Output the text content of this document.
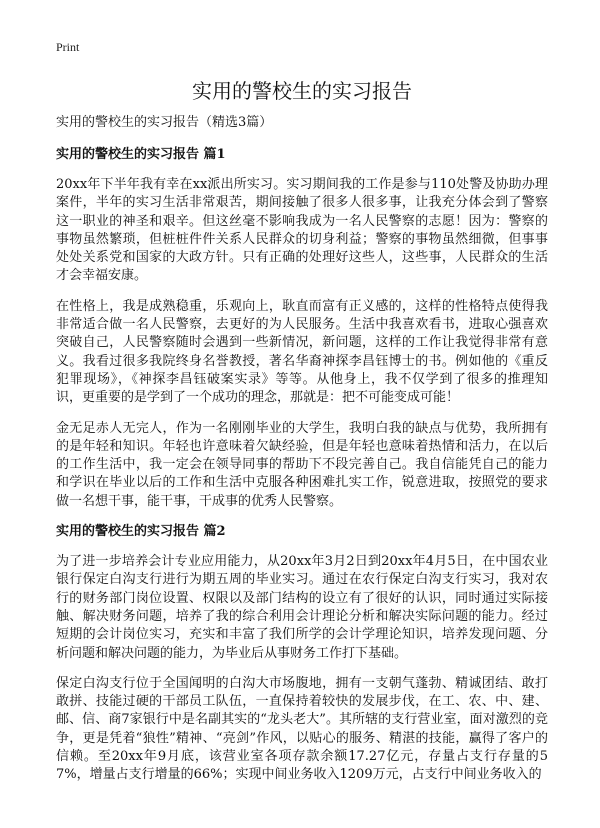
Print
实用的警校生的实习报告
实用的警校生的实习报告（精选3篇）
实用的警校生的实习报告 篇1

20xx年下半年我有幸在xx派出所实习。实习期间我的工作是参与110处警及协助办理案件，半年的实习生活非常艰苦，期间接触了很多人很多事，让我充分体会到了警察这一职业的神圣和艰辛。但这丝毫不影响我成为一名人民警察的志愿！因为：警察的事物虽然繁琐，但桩桩件件关系人民群众的切身利益；警察的事物虽然细微，但事事处处关系党和国家的大政方针。只有正确的处理好这些人，这些事，人民群众的生活才会幸福安康。

在性格上，我是成熟稳重，乐观向上，耿直而富有正义感的，这样的性格特点使得我非常适合做一名人民警察，去更好的为人民服务。生活中我喜欢看书，进取心强喜欢突破自己，人民警察随时会遇到一些新情况，新问题，这样的工作让我觉得非常有意义。我看过很多我院终身名誉教授，著名华裔神探李昌钰博士的书。例如他的《重反犯罪现场》，《神探李昌钰破案实录》等等。从他身上，我不仅学到了很多的推理知识，更重要的是学到了一个成功的理念，那就是：把不可能变成可能！

金无足赤人无完人，作为一名刚刚毕业的大学生，我明白我的缺点与优势，我所拥有的是年轻和知识。年轻也许意味着欠缺经验，但是年轻也意味着热情和活力，在以后的工作生活中，我一定会在领导同事的帮助下不段完善自己。我自信能凭自己的能力和学识在毕业以后的工作和生活中克服各种困难扎实工作，锐意进取，按照党的要求做一名想干事，能干事，干成事的优秀人民警察。

实用的警校生的实习报告 篇2

为了进一步培养会计专业应用能力，从20xx年3月2日到20xx年4月5日，在中国农业银行保定白沟支行进行为期五周的毕业实习。通过在农行保定白沟支行实习，我对农行的财务部门岗位设置、权限以及部门结构的设立有了很好的认识，同时通过实际接触、解决财务问题，培养了我的综合利用会计理论分析和解决实际问题的能力。经过短期的会计岗位实习，充实和丰富了我们所学的会计学理论知识，培养发现问题、分析问题和解决问题的能力，为毕业后从事财务工作打下基础。

保定白沟支行位于全国闻明的白沟大市场腹地，拥有一支朝气蓬勃、精诚团结、敢打敢拼、技能过硬的干部员工队伍，一直保持着较快的发展步伐，在工、农、中、建、邮、信、商7家银行中是名副其实的“龙头老大”。其所辖的支行营业室，面对激烈的竞争，更是凭着“狼性”精神、“亮剑”作风，以贴心的服务、精湛的技能，赢得了客户的信赖。至20xx年9月底，该营业室各项存款余额17.27亿元，存量占支行存量的57%，增量占支行增量的66%；实现中间业务收入1209万元，占支行中间业务收入的
